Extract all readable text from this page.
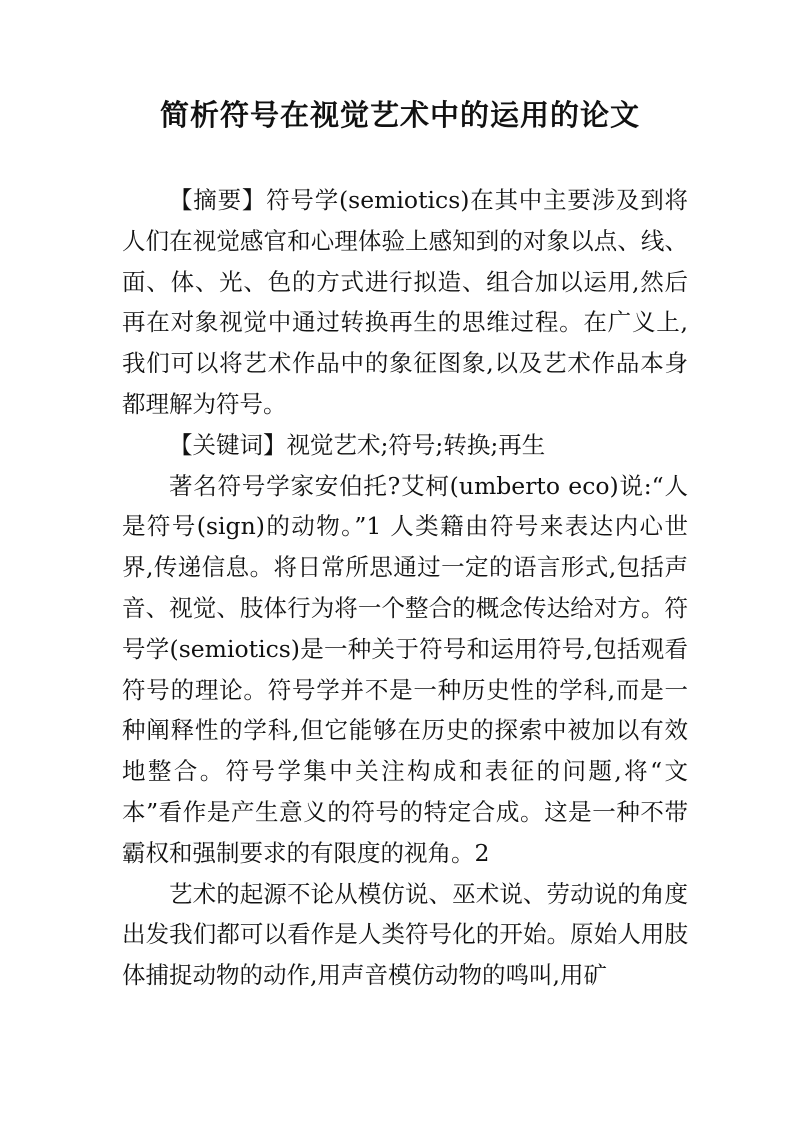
简析符号在视觉艺术中的运用的论文

【摘要】符号学(semiotics)在其中主要涉及到将人们在视觉感官和心理体验上感知到的对象以点、线、面、体、光、色的方式进行拟造、组合加以运用,然后再在对象视觉中通过转换再生的思维过程。在广义上,我们可以将艺术作品中的象征图象,以及艺术作品本身都理解为符号。

【关键词】视觉艺术;符号;转换;再生

著名符号学家安伯托?艾柯(umberto eco)说:“人是符号(sign)的动物。”1 人类籍由符号来表达内心世界,传递信息。将日常所思通过一定的语言形式,包括声音、视觉、肢体行为将一个整合的概念传达给对方。符号学(semiotics)是一种关于符号和运用符号,包括观看符号的理论。符号学并不是一种历史性的学科,而是一种阐释性的学科,但它能够在历史的探索中被加以有效地整合。符号学集中关注构成和表征的问题,将“文本”看作是产生意义的符号的特定合成。这是一种不带霸权和强制要求的有限度的视角。2

艺术的起源不论从模仿说、巫术说、劳动说的角度出发我们都可以看作是人类符号化的开始。原始人用肢体捕捉动物的动作,用声音模仿动物的鸣叫,用矿
